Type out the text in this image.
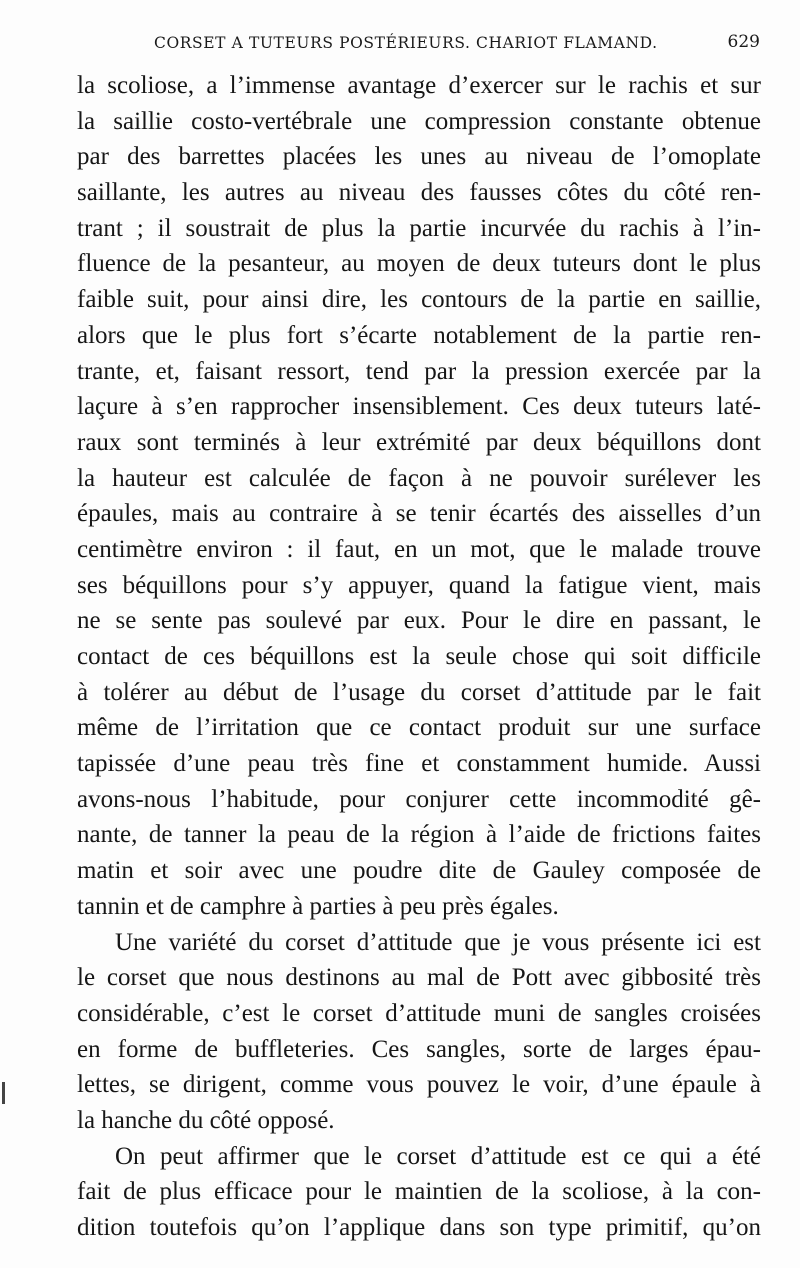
CORSET A TUTEURS POSTÉRIEURS. CHARIOT FLAMAND.	629
la scoliose, a l’immense avantage d’exercer sur le rachis et sur
la saillie costo-vertébrale une compression constante obtenue
par des barrettes placées les unes au niveau de l’omoplate
saillante, les autres au niveau des fausses côtes du côté ren-
trant ; il soustrait de plus la partie incurvée du rachis à l’in-
fluence de la pesanteur, au moyen de deux tuteurs dont le plus
faible suit, pour ainsi dire, les contours de la partie en saillie,
alors que le plus fort s’écarte notablement de la partie ren-
trante, et, faisant ressort, tend par la pression exercée par la
laçure à s’en rapprocher insensiblement. Ces deux tuteurs laté-
raux sont terminés à leur extrémité par deux béquillons dont
la hauteur est calculée de façon à ne pouvoir surélever les
épaules, mais au contraire à se tenir écartés des aisselles d’un
centimètre environ : il faut, en un mot, que le malade trouve
ses béquillons pour s’y appuyer, quand la fatigue vient, mais
ne se sente pas soulevé par eux. Pour le dire en passant, le
contact de ces béquillons est la seule chose qui soit difficile
à tolérer au début de l’usage du corset d’attitude par le fait
même de l’irritation que ce contact produit sur une surface
tapissée d’une peau très fine et constamment humide. Aussi
avons-nous l’habitude, pour conjurer cette incommodité gê-
nante, de tanner la peau de la région à l’aide de frictions faites
matin et soir avec une poudre dite de Gauley composée de
tannin et de camphre à parties à peu près égales.
Une variété du corset d’attitude que je vous présente ici est
le corset que nous destinons au mal de Pott avec gibbosité très
considérable, c’est le corset d’attitude muni de sangles croisées
en forme de buffleteries. Ces sangles, sorte de larges épau-
lettes, se dirigent, comme vous pouvez le voir, d’une épaule à
la hanche du côté opposé.
On peut affirmer que le corset d’attitude est ce qui a été
fait de plus efficace pour le maintien de la scoliose, à la con-
dition toutefois qu’on l’applique dans son type primitif, qu’on
